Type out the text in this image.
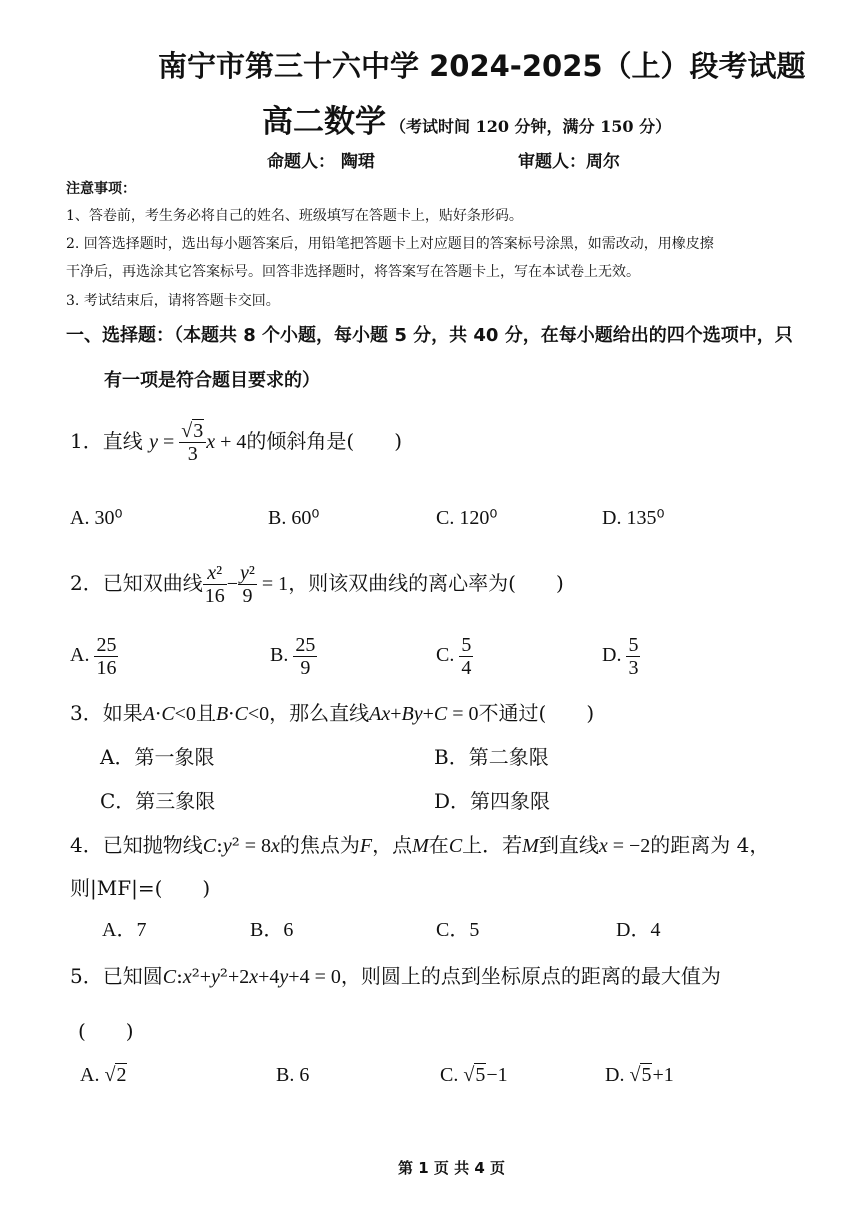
南宁市第三十六中学 2024-2025（上）段考试题
高二数学 （考试时间 120 分钟，满分 150 分）
命题人： 陶珺	审题人：周尔
注意事项：
1、答卷前，考生务必将自己的姓名、班级填写在答题卡上，贴好条形码。
2. 回答选择题时，选出每小题答案后，用铅笔把答题卡上对应题目的答案标号涂黑，如需改动，用橡皮擦
干净后，再选涂其它答案标号。回答非选择题时，将答案写在答题卡上，写在本试卷上无效。
3. 考试结束后，请将答题卡交回。
一、选择题：（本题共 8 个小题，每小题 5 分，共 40 分，在每小题给出的四个选项中，只
有一项是符合题目要求的）
1．直线 $y = \frac{√3}{3}$ x + 4的倾斜角是(　　)
A. 30⁰	B. 60⁰	C. 120⁰	D. 135⁰
2．已知双曲线 $\frac{\text{x²}}{16} - \frac{\text{y²}}{9} = 1$，则该双曲线的离心率为(　　)
A. $\frac{25}{16}$	B. $\frac{25}{9}$	C. $\frac{5}{4}$	D. $\frac{5}{3}$
3．如果A·C<0且B·C<0，那么直线Ax+By+C = 0不通过(　　)
A．第一象限	B．第二象限
C．第三象限	D．第四象限
4．已知抛物线C:y² = 8x的焦点为F，点M在C上．若M到直线x = −2的距离为 4，
则|MF|=(　　)
A．7	B．6	C．5	D．4
5．已知圆C:x²+y²+2x+4y+4 = 0，则圆上的点到坐标原点的距离的最大值为
(　　)
A. √2	B. 6	C. √5−1	D. √5+1
第 1 页 共 4 页
